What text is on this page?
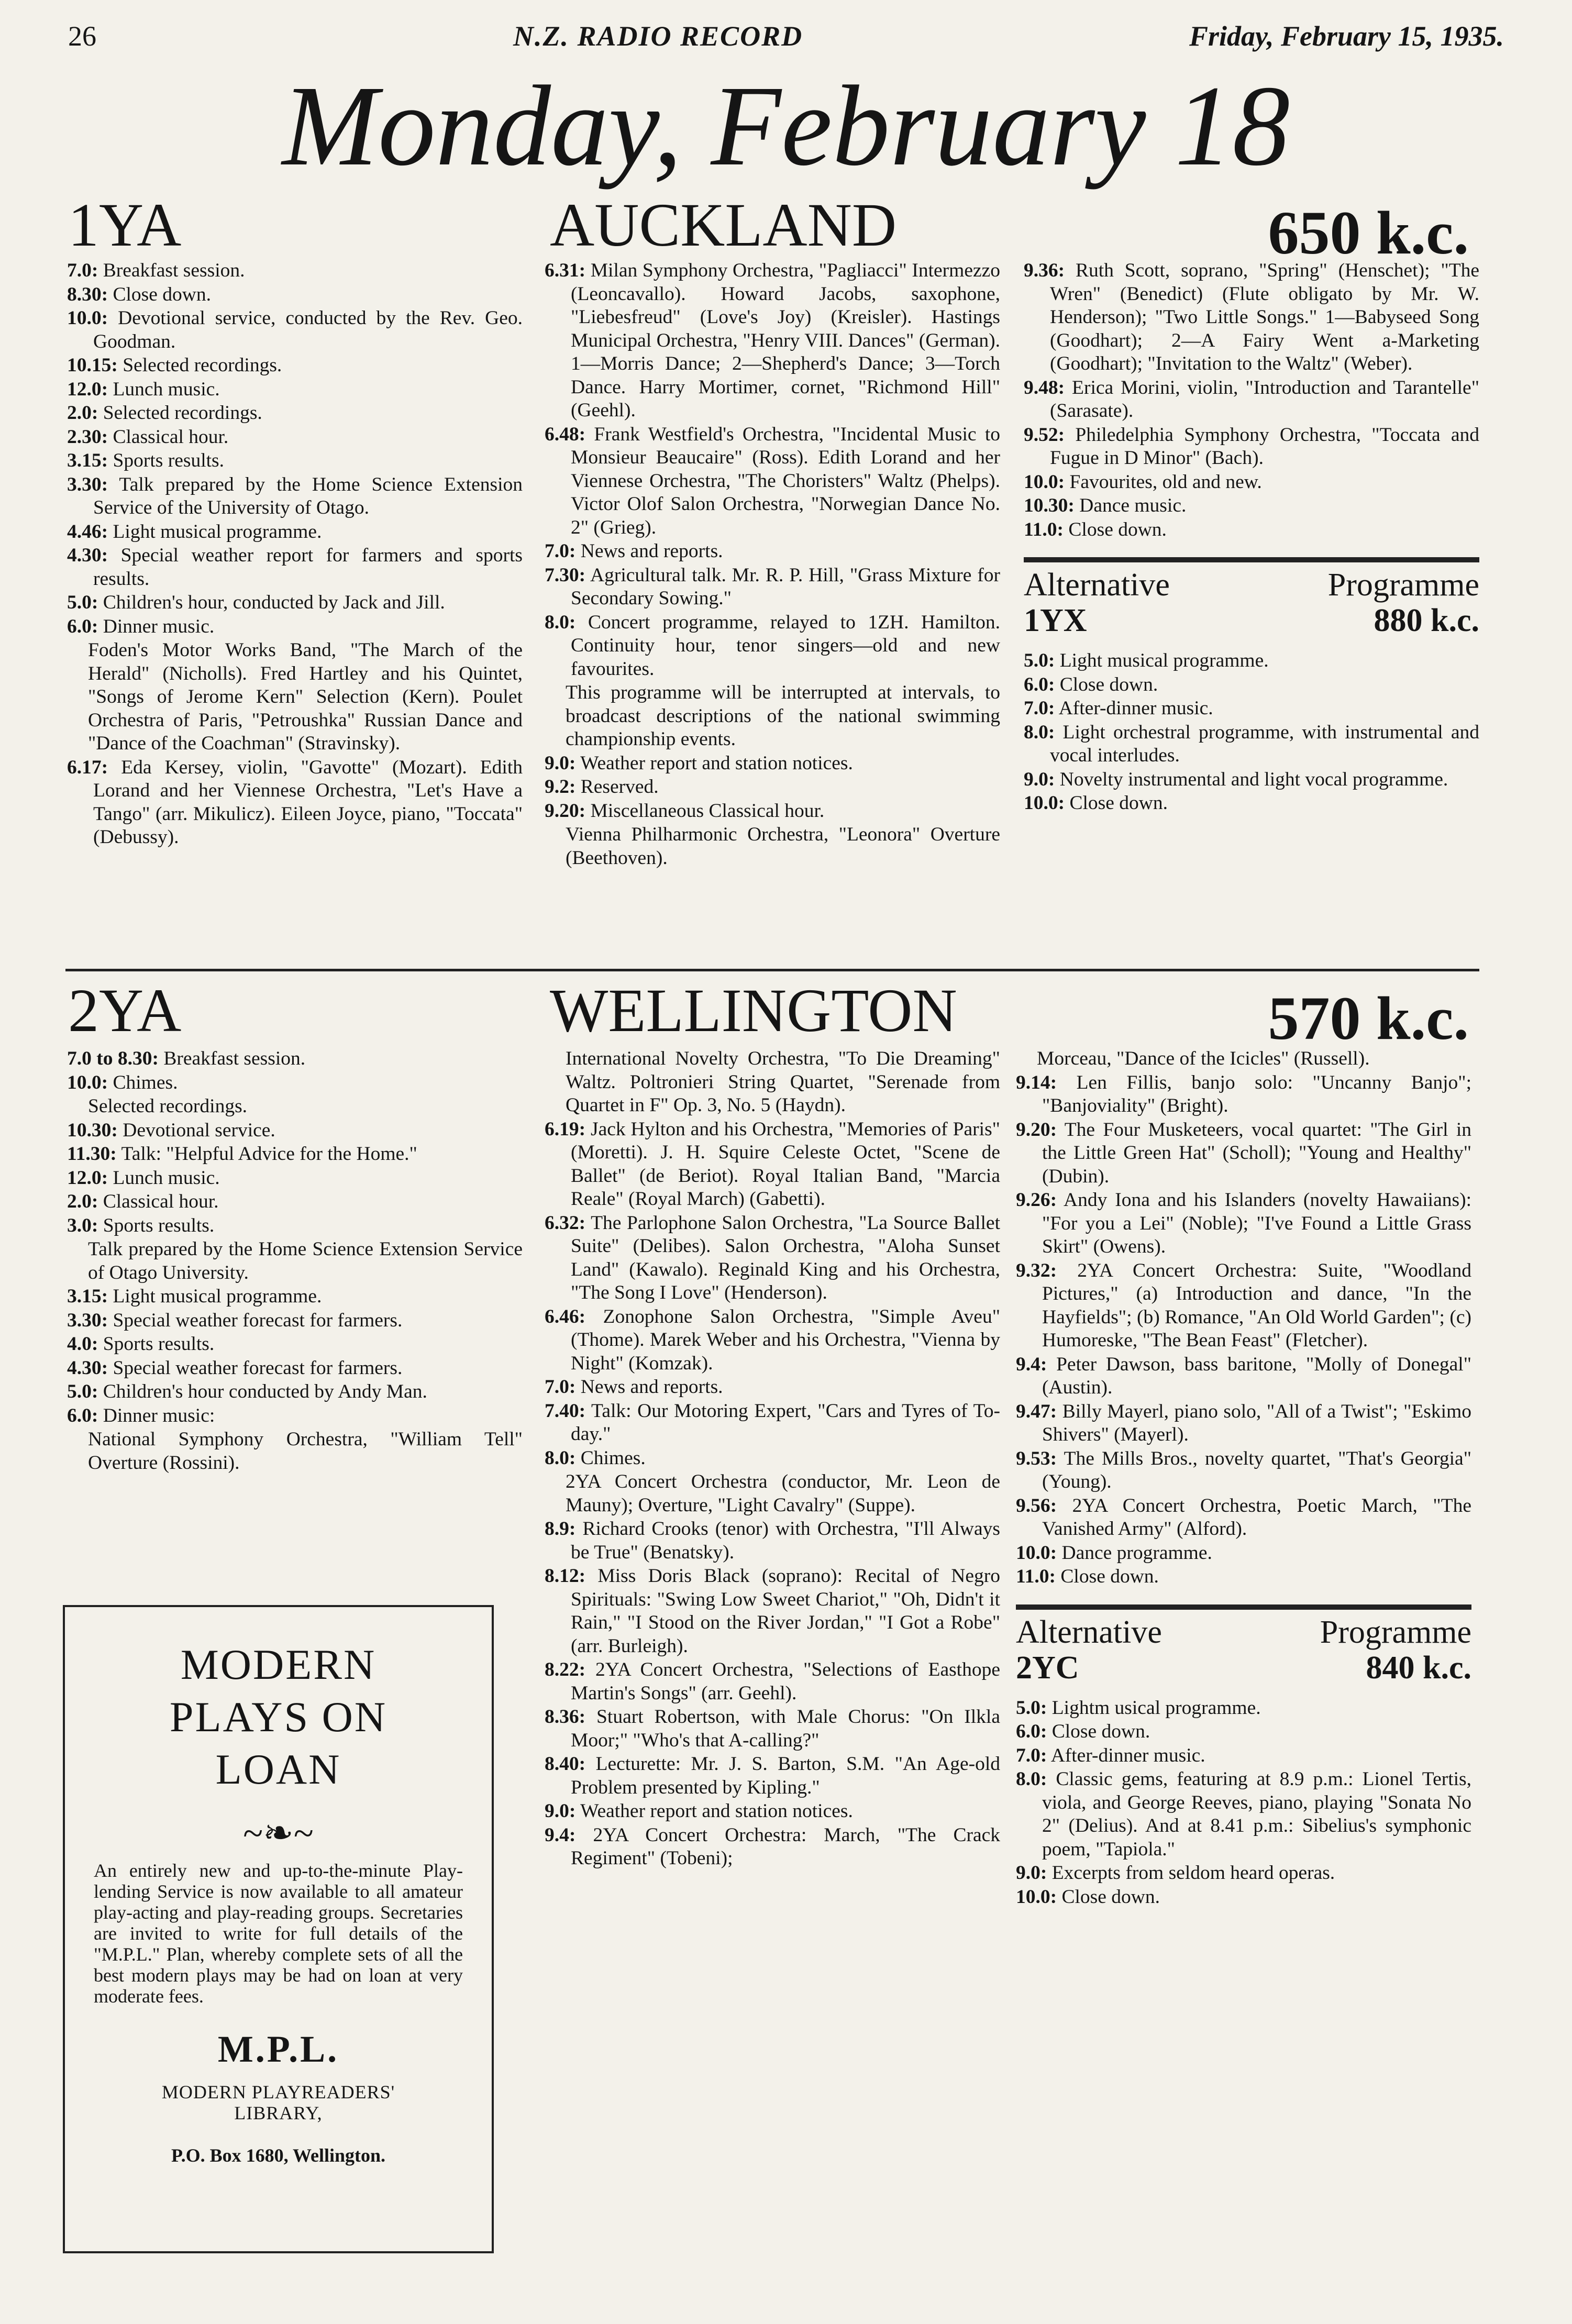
26	N.Z. RADIO RECORD	Friday, February 15, 1935.
Monday, February 18
1YA	AUCKLAND	650 k.c.

7.0: Breakfast session.

8.30: Close down.

10.0: Devotional service, conducted by the Rev. Geo. Goodman.

10.15: Selected recordings.

12.0: Lunch music.

2.0: Selected recordings.

2.30: Classical hour.

3.15: Sports results.

3.30: Talk prepared by the Home Science Extension Service of the University of Otago.

4.46: Light musical programme.

4.30: Special weather report for farmers and sports results.

5.0: Children's hour, conducted by Jack and Jill.

6.0: Dinner music.

Foden's Motor Works Band, "The March of the Herald" (Nicholls). Fred Hartley and his Quintet, "Songs of Jerome Kern" Selection (Kern). Poulet Orchestra of Paris, "Petroushka" Russian Dance and "Dance of the Coachman" (Stravinsky).

6.17: Eda Kersey, violin, "Gavotte" (Mozart). Edith Lorand and her Viennese Orchestra, "Let's Have a Tango" (arr. Mikulicz). Eileen Joyce, piano, "Toccata" (Debussy).

6.31: Milan Symphony Orchestra, "Pagliacci" Intermezzo (Leoncavallo). Howard Jacobs, saxophone, "Liebesfreud" (Love's Joy) (Kreisler). Hastings Municipal Orchestra, "Henry VIII. Dances" (German). 1—Morris Dance; 2—Shepherd's Dance; 3—Torch Dance. Harry Mortimer, cornet, "Richmond Hill" (Geehl).

6.48: Frank Westfield's Orchestra, "Incidental Music to Monsieur Beaucaire" (Ross). Edith Lorand and her Viennese Orchestra, "The Choristers" Waltz (Phelps). Victor Olof Salon Orchestra, "Norwegian Dance No. 2" (Grieg).

7.0: News and reports.

7.30: Agricultural talk. Mr. R. P. Hill, "Grass Mixture for Secondary Sowing."

8.0: Concert programme, relayed to 1ZH. Hamilton. Continuity hour, tenor singers—old and new favourites.

This programme will be interrupted at intervals, to broadcast descriptions of the national swimming championship events.

9.0: Weather report and station notices.

9.2: Reserved.

9.20: Miscellaneous Classical hour.

Vienna Philharmonic Orchestra, "Leonora" Overture (Beethoven).

9.36: Ruth Scott, soprano, "Spring" (Henschet); "The Wren" (Benedict) (Flute obligato by Mr. W. Henderson); "Two Little Songs." 1—Babyseed Song (Goodhart); 2—A Fairy Went a-Marketing (Goodhart); "Invitation to the Waltz" (Weber).

9.48: Erica Morini, violin, "Introduction and Tarantelle" (Sarasate).

9.52: Philedelphia Symphony Orchestra, "Toccata and Fugue in D Minor" (Bach).

10.0: Favourites, old and new.

10.30: Dance music.

11.0: Close down.

Alternative	Programme
1YX	880 k.c.

5.0: Light musical programme.

6.0: Close down.

7.0: After-dinner music.

8.0: Light orchestral programme, with instrumental and vocal interludes.

9.0: Novelty instrumental and light vocal programme.

10.0: Close down.

2YA	WELLINGTON	570 k.c.

7.0 to 8.30: Breakfast session.

10.0: Chimes.

Selected recordings.

10.30: Devotional service.

11.30: Talk: "Helpful Advice for the Home."

12.0: Lunch music.

2.0: Classical hour.

3.0: Sports results.

Talk prepared by the Home Science Extension Service of Otago University.

3.15: Light musical programme.

3.30: Special weather forecast for farmers.

4.0: Sports results.

4.30: Special weather forecast for farmers.

5.0: Children's hour conducted by Andy Man.

6.0: Dinner music:

National Symphony Orchestra, "William Tell" Overture (Rossini).

International Novelty Orchestra, "To Die Dreaming" Waltz. Poltronieri String Quartet, "Serenade from Quartet in F" Op. 3, No. 5 (Haydn).

6.19: Jack Hylton and his Orchestra, "Memories of Paris" (Moretti). J. H. Squire Celeste Octet, "Scene de Ballet" (de Beriot). Royal Italian Band, "Marcia Reale" (Royal March) (Gabetti).

6.32: The Parlophone Salon Orchestra, "La Source Ballet Suite" (Delibes). Salon Orchestra, "Aloha Sunset Land" (Kawalo). Reginald King and his Orchestra, "The Song I Love" (Henderson).

6.46: Zonophone Salon Orchestra, "Simple Aveu" (Thome). Marek Weber and his Orchestra, "Vienna by Night" (Komzak).

7.0: News and reports.

7.40: Talk: Our Motoring Expert, "Cars and Tyres of To-day."

8.0: Chimes.

2YA Concert Orchestra (conductor, Mr. Leon de Mauny); Overture, "Light Cavalry" (Suppe).

8.9: Richard Crooks (tenor) with Orchestra, "I'll Always be True" (Benatsky).

8.12: Miss Doris Black (soprano): Recital of Negro Spirituals: "Swing Low Sweet Chariot," "Oh, Didn't it Rain," "I Stood on the River Jordan," "I Got a Robe" (arr. Burleigh).

8.22: 2YA Concert Orchestra, "Selections of Easthope Martin's Songs" (arr. Geehl).

8.36: Stuart Robertson, with Male Chorus: "On Ilkla Moor;" "Who's that A-calling?"

8.40: Lecturette: Mr. J. S. Barton, S.M. "An Age-old Problem presented by Kipling."

9.0: Weather report and station notices.

9.4: 2YA Concert Orchestra: March, "The Crack Regiment" (Tobeni);

Morceau, "Dance of the Icicles" (Russell).

9.14: Len Fillis, banjo solo: "Uncanny Banjo"; "Banjoviality" (Bright).

9.20: The Four Musketeers, vocal quartet: "The Girl in the Little Green Hat" (Scholl); "Young and Healthy" (Dubin).

9.26: Andy Iona and his Islanders (novelty Hawaiians): "For you a Lei" (Noble); "I've Found a Little Grass Skirt" (Owens).

9.32: 2YA Concert Orchestra: Suite, "Woodland Pictures," (a) Introduction and dance, "In the Hayfields"; (b) Romance, "An Old World Garden"; (c) Humoreske, "The Bean Feast" (Fletcher).

9.4: Peter Dawson, bass baritone, "Molly of Donegal" (Austin).

9.47: Billy Mayerl, piano solo, "All of a Twist"; "Eskimo Shivers" (Mayerl).

9.53: The Mills Bros., novelty quartet, "That's Georgia" (Young).

9.56: 2YA Concert Orchestra, Poetic March, "The Vanished Army" (Alford).

10.0: Dance programme.

11.0: Close down.

Alternative	Programme
2YC	840 k.c.

5.0: Lightm usical programme.

6.0: Close down.

7.0: After-dinner music.

8.0: Classic gems, featuring at 8.9 p.m.: Lionel Tertis, viola, and George Reeves, piano, playing "Sonata No 2" (Delius). And at 8.41 p.m.: Sibelius's symphonic poem, "Tapiola."

9.0: Excerpts from seldom heard operas.

10.0: Close down.

MODERN
PLAYS ON
LOAN
~❧~
An entirely new and up-to-the-minute Play-lending Service is now available to all amateur play-acting and play-reading groups. Secretaries are invited to write for full details of the "M.P.L." Plan, whereby complete sets of all the best modern plays may be had on loan at very moderate fees.
M.P.L.
MODERN PLAYREADERS'
LIBRARY,
P.O. Box 1680, Wellington.
